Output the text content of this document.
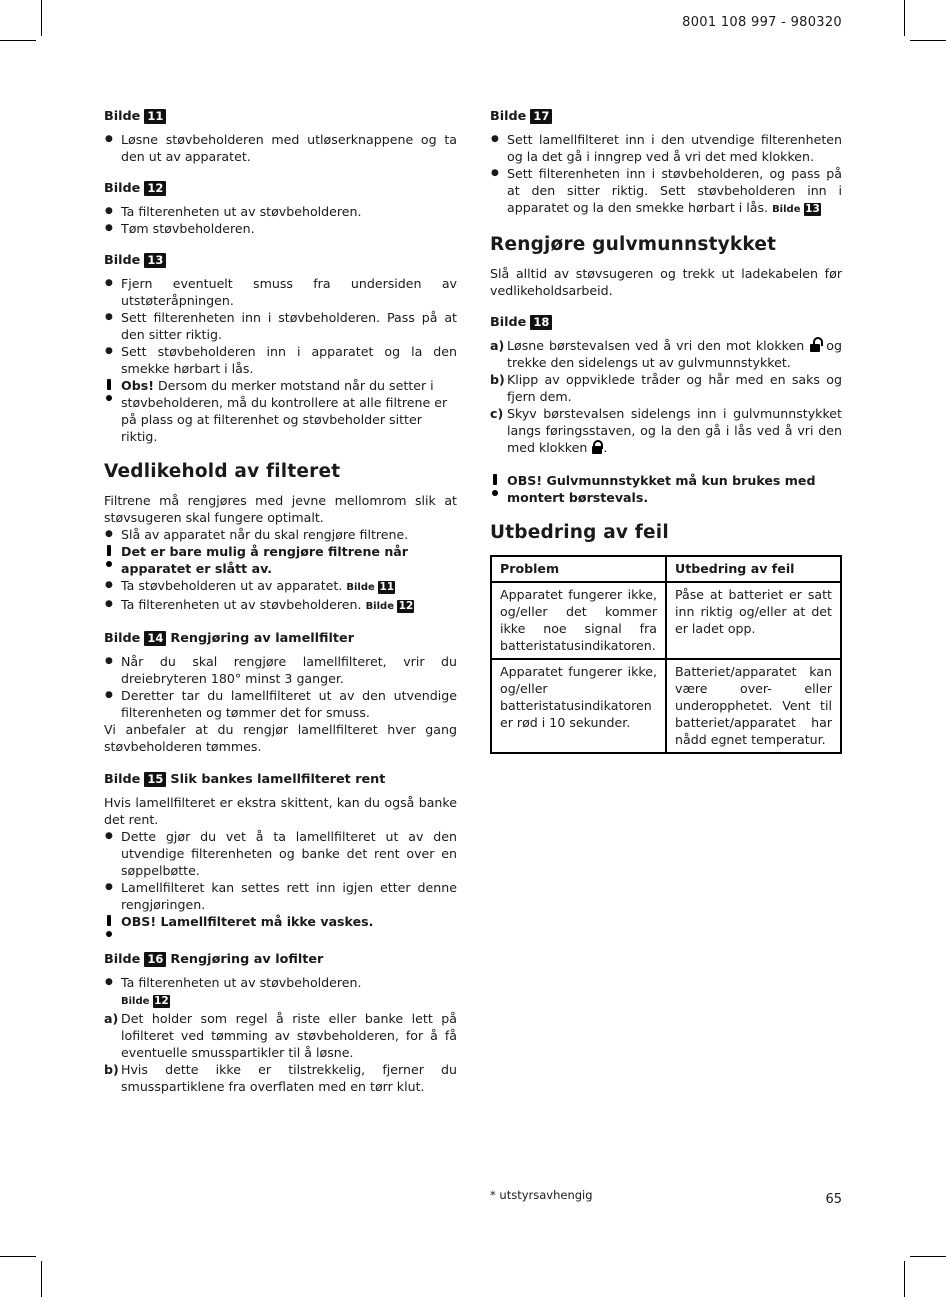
8001 108 997 - 980320
Bilde 11
● Løsne støvbeholderen med utløserknappene og ta den ut av apparatet.
Bilde 12
● Ta filterenheten ut av støvbeholderen.
● Tøm støvbeholderen.
Bilde 13
● Fjern eventuelt smuss fra undersiden av utstøteråpningen.
● Sett filterenheten inn i støvbeholderen. Pass på at den sitter riktig.
● Sett støvbeholderen inn i apparatet og la den smekke hørbart i lås.
Obs! Dersom du merker motstand når du setter i støvbeholderen, må du kontrollere at alle filtrene er på plass og at filterenhet og støvbeholder sitter riktig.
Vedlikehold av filteret
Filtrene må rengjøres med jevne mellomrom slik at støvsugeren skal fungere optimalt.
● Slå av apparatet når du skal rengjøre filtrene.
Det er bare mulig å rengjøre filtrene når apparatet er slått av.
● Ta støvbeholderen ut av apparatet. Bilde 11
● Ta filterenheten ut av støvbeholderen. Bilde 12
Bilde 14 Rengjøring av lamellfilter
● Når du skal rengjøre lamellfilteret, vrir du dreiebryteren 180° minst 3 ganger.
● Deretter tar du lamellfilteret ut av den utvendige filterenheten og tømmer det for smuss.
Vi anbefaler at du rengjør lamellfilteret hver gang støvbeholderen tømmes.
Bilde 15 Slik bankes lamellfilteret rent
Hvis lamellfilteret er ekstra skittent, kan du også banke det rent.
● Dette gjør du vet å ta lamellfilteret ut av den utvendige filterenheten og banke det rent over en søppelbøtte.
● Lamellfilteret kan settes rett inn igjen etter denne rengjøringen.
OBS! Lamellfilteret må ikke vaskes.
Bilde 16 Rengjøring av lofilter
● Ta filterenheten ut av støvbeholderen.
Bilde 12
a) Det holder som regel å riste eller banke lett på lofilteret ved tømming av støvbeholderen, for å få eventuelle smusspartikler til å løsne.
b) Hvis dette ikke er tilstrekkelig, fjerner du smusspartiklene fra overflaten med en tørr klut.
Bilde 17
● Sett lamellfilteret inn i den utvendige filterenheten og la det gå i inngrep ved å vri det med klokken.
● Sett filterenheten inn i støvbeholderen, og pass på at den sitter riktig. Sett støvbeholderen inn i apparatet og la den smekke hørbart i lås. Bilde 13
Rengjøre gulvmunnstykket
Slå alltid av støvsugeren og trekk ut ladekabelen før vedlikeholdsarbeid.
Bilde 18
a) Løsne børstevalsen ved å vri den mot klokken
og trekke den sidelengs ut av gulvmunnstykket.
b) Klipp av oppviklede tråder og hår med en saks og fjern dem.
c) Skyv børstevalsen sidelengs inn i gulvmunnstykket langs føringsstaven, og la den gå i lås ved å vri den med klokken .
OBS! Gulvmunnstykket må kun brukes med montert børstevals.
Utbedring av feil
Problem	Utbedring av feil
Apparatet fungerer ikke, og/eller det kommer ikke noe signal fra batteristatusindikatoren.	Påse at batteriet er satt inn riktig og/eller at det er ladet opp.
Apparatet fungerer ikke, og/eller batteristatusindikatoren er rød i 10 sekunder.	Batteriet/apparatet kan være over- eller underopphetet. Vent til batteriet/apparatet har nådd egnet temperatur.
* utstyrsavhengig	65
